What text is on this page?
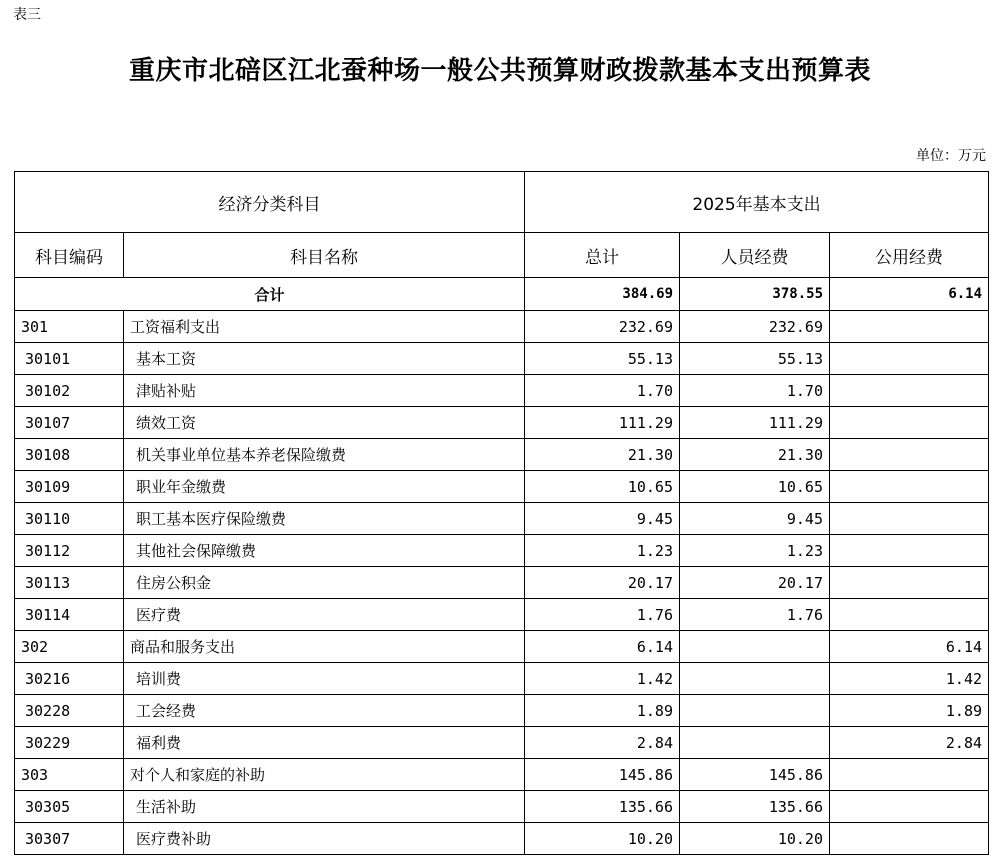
表三
重庆市北碚区江北蚕种场一般公共预算财政拨款基本支出预算表
单位：万元
经济分类科目		2025年基本支出		
科目编码	科目名称	总计	人员经费	公用经费
合计		384.69	378.55	6.14
301	工资福利支出	232.69	232.69	
30101	基本工资	55.13	55.13	
30102	津贴补贴	1.70	1.70	
30107	绩效工资	111.29	111.29	
30108	机关事业单位基本养老保险缴费	21.30	21.30	
30109	职业年金缴费	10.65	10.65	
30110	职工基本医疗保险缴费	9.45	9.45	
30112	其他社会保障缴费	1.23	1.23	
30113	住房公积金	20.17	20.17	
30114	医疗费	1.76	1.76	
302	商品和服务支出	6.14		6.14
30216	培训费	1.42		1.42
30228	工会经费	1.89		1.89
30229	福利费	2.84		2.84
303	对个人和家庭的补助	145.86	145.86	
30305	生活补助	135.66	135.66	
30307	医疗费补助	10.20	10.20	
